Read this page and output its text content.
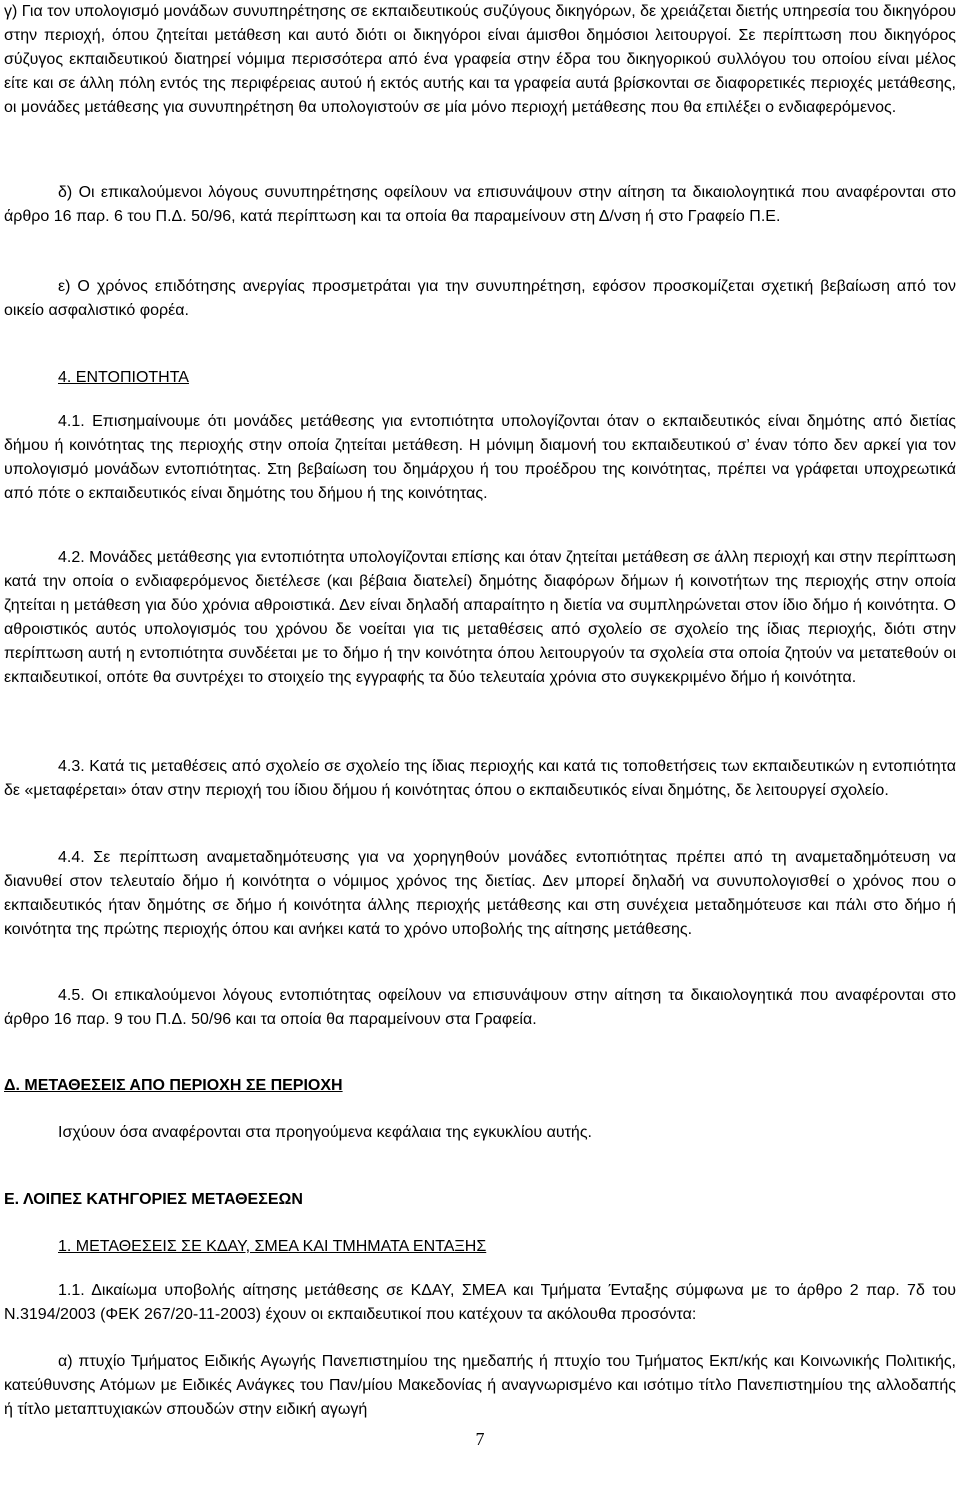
γ) Για τον υπολογισμό μονάδων συνυπηρέτησης σε εκπαιδευτικούς συζύγους δικηγόρων, δε χρειάζεται διετής υπηρεσία του δικηγόρου στην περιοχή, όπου ζητείται μετάθεση και αυτό διότι οι δικηγόροι είναι άμισθοι δημόσιοι λειτουργοί. Σε περίπτωση που δικηγόρος σύζυγος εκπαιδευτικού διατηρεί νόμιμα περισσότερα από ένα γραφεία στην έδρα του δικηγορικού συλλόγου του οποίου είναι μέλος είτε και σε άλλη πόλη εντός της περιφέρειας αυτού ή εκτός αυτής και τα γραφεία αυτά βρίσκονται σε διαφορετικές περιοχές μετάθεσης, οι μονάδες μετάθεσης για συνυπηρέτηση θα υπολογιστούν σε μία μόνο περιοχή μετάθεσης που θα επιλέξει ο ενδιαφερόμενος.

δ) Οι επικαλούμενοι λόγους συνυπηρέτησης οφείλουν να επισυνάψουν στην αίτηση τα δικαιολογητικά που αναφέρονται στο άρθρο 16 παρ. 6 του Π.Δ. 50/96, κατά περίπτωση και τα οποία θα παραμείνουν στη Δ/νση ή στο Γραφείο Π.Ε.

ε) Ο χρόνος επιδότησης ανεργίας προσμετράται για την συνυπηρέτηση, εφόσον προσκομίζεται σχετική βεβαίωση από τον οικείο ασφαλιστικό φορέα.

4. ΕΝΤΟΠΙΟΤΗΤΑ

4.1. Επισημαίνουμε ότι μονάδες μετάθεσης για εντοπιότητα υπολογίζονται όταν ο εκπαιδευτικός είναι δημότης από διετίας δήμου ή κοινότητας της περιοχής στην οποία ζητείται μετάθεση. Η μόνιμη διαμονή του εκπαιδευτικού σ’ έναν τόπο δεν αρκεί για τον υπολογισμό μονάδων εντοπιότητας. Στη βεβαίωση του δημάρχου ή του προέδρου της κοινότητας, πρέπει να γράφεται υποχρεωτικά από πότε ο εκπαιδευτικός είναι δημότης του δήμου ή της κοινότητας.

4.2. Μονάδες μετάθεσης για εντοπιότητα υπολογίζονται επίσης και όταν ζητείται μετάθεση σε άλλη περιοχή και στην περίπτωση κατά την οποία ο ενδιαφερόμενος διετέλεσε (και βέβαια διατελεί) δημότης διαφόρων δήμων ή κοινοτήτων της περιοχής στην οποία ζητείται η μετάθεση για δύο χρόνια αθροιστικά. Δεν είναι δηλαδή απαραίτητο η διετία να συμπληρώνεται στον ίδιο δήμο ή κοινότητα. Ο αθροιστικός αυτός υπολογισμός του χρόνου δε νοείται για τις μεταθέσεις από σχολείο σε σχολείο της ίδιας περιοχής, διότι στην περίπτωση αυτή η εντοπιότητα συνδέεται με το δήμο ή την κοινότητα όπου λειτουργούν τα σχολεία στα οποία ζητούν να μετατεθούν οι εκπαιδευτικοί, οπότε θα συντρέχει το στοιχείο της εγγραφής τα δύο τελευταία χρόνια στο συγκεκριμένο δήμο ή κοινότητα.

4.3. Κατά τις μεταθέσεις από σχολείο σε σχολείο της ίδιας περιοχής και κατά τις τοποθετήσεις των εκπαιδευτικών η εντοπιότητα δε «μεταφέρεται» όταν στην περιοχή του ίδιου δήμου ή κοινότητας όπου ο εκπαιδευτικός είναι δημότης, δε λειτουργεί σχολείο.

4.4. Σε περίπτωση αναμεταδημότευσης για να χορηγηθούν μονάδες εντοπιότητας πρέπει από τη αναμεταδημότευση να διανυθεί στον τελευταίο δήμο ή κοινότητα ο νόμιμος χρόνος της διετίας. Δεν μπορεί δηλαδή να συνυπολογισθεί ο χρόνος που ο εκπαιδευτικός ήταν δημότης σε δήμο ή κοινότητα άλλης περιοχής μετάθεσης και στη συνέχεια μεταδημότευσε και πάλι στο δήμο ή κοινότητα της πρώτης περιοχής όπου και ανήκει κατά το χρόνο υποβολής της αίτησης μετάθεσης.

4.5. Οι επικαλούμενοι λόγους εντοπιότητας οφείλουν να επισυνάψουν στην αίτηση τα δικαιολογητικά που αναφέρονται στο άρθρο 16 παρ. 9 του Π.Δ. 50/96 και τα οποία θα παραμείνουν στα Γραφεία.

Δ. ΜΕΤΑΘΕΣΕΙΣ ΑΠΟ ΠΕΡΙΟΧΗ ΣΕ ΠΕΡΙΟΧΗ

Ισχύουν όσα αναφέρονται στα προηγούμενα κεφάλαια της εγκυκλίου αυτής.

Ε. ΛΟΙΠΕΣ ΚΑΤΗΓΟΡΙΕΣ ΜΕΤΑΘΕΣΕΩΝ

1. ΜΕΤΑΘΕΣΕΙΣ ΣΕ ΚΔΑΥ, ΣΜΕΑ ΚΑΙ ΤΜΗΜΑΤΑ ΕΝΤΑΞΗΣ

1.1. Δικαίωμα υποβολής αίτησης μετάθεσης σε ΚΔΑΥ, ΣΜΕΑ και Τμήματα Ένταξης σύμφωνα με το άρθρο 2 παρ. 7δ του Ν.3194/2003 (ΦΕΚ 267/20-11-2003) έχουν οι εκπαιδευτικοί που κατέχουν τα ακόλουθα προσόντα:

α) πτυχίο Τμήματος Ειδικής Αγωγής Πανεπιστημίου της ημεδαπής ή πτυχίο του Τμήματος Εκπ/κής και Κοινωνικής Πολιτικής, κατεύθυνσης Ατόμων με Ειδικές Ανάγκες του Παν/μίου Μακεδονίας ή αναγνωρισμένο και ισότιμο τίτλο Πανεπιστημίου της αλλοδαπής ή τίτλο μεταπτυχιακών σπουδών στην ειδική αγωγή

7
